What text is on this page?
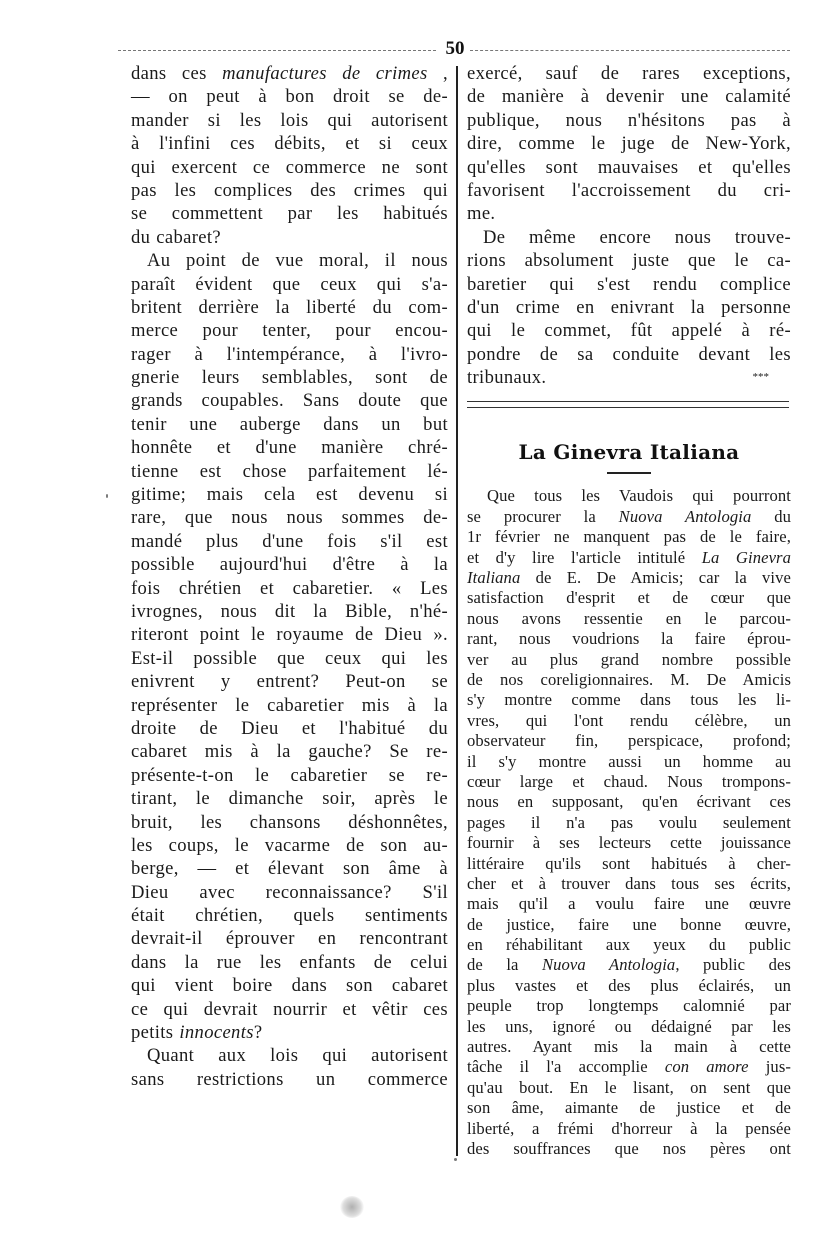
50
dans ces manufactures de crimes ,
— on peut à bon droit se de-
mander si les lois qui autorisent
à l'infini ces débits, et si ceux
qui exercent ce commerce ne sont
pas les complices des crimes qui
se commettent par les habitués
du cabaret?
Au point de vue moral, il nous
paraît évident que ceux qui s'a-
britent derrière la liberté du com-
merce pour tenter, pour encou-
rager à l'intempérance, à l'ivro-
gnerie leurs semblables, sont de
grands coupables. Sans doute que
tenir une auberge dans un but
honnête et d'une manière chré-
tienne est chose parfaitement lé-
gitime; mais cela est devenu si
rare, que nous nous sommes de-
mandé plus d'une fois s'il est
possible aujourd'hui d'être à la
fois chrétien et cabaretier. « Les
ivrognes, nous dit la Bible, n'hé-
riteront point le royaume de Dieu ».
Est-il possible que ceux qui les
enivrent y entrent? Peut-on se
représenter le cabaretier mis à la
droite de Dieu et l'habitué du
cabaret mis à la gauche? Se re-
présente-t-on le cabaretier se re-
tirant, le dimanche soir, après le
bruit, les chansons déshonnêtes,
les coups, le vacarme de son au-
berge, — et élevant son âme à
Dieu avec reconnaissance? S'il
était chrétien, quels sentiments
devrait-il éprouver en rencontrant
dans la rue les enfants de celui
qui vient boire dans son cabaret
ce qui devrait nourrir et vêtir ces
petits innocents?
Quant aux lois qui autorisent
sans restrictions un commerce
exercé, sauf de rares exceptions,
de manière à devenir une calamité
publique, nous n'hésitons pas à
dire, comme le juge de New-York,
qu'elles sont mauvaises et qu'elles
favorisent l'accroissement du cri-
me.
De même encore nous trouve-
rions absolument juste que le ca-
baretier qui s'est rendu complice
d'un crime en enivrant la personne
qui le commet, fût appelé à ré-
pondre de sa conduite devant les
tribunaux.	***
La Ginevra Italiana
Que tous les Vaudois qui pourront
se procurer la Nuova Antologia du
1r février ne manquent pas de le faire,
et d'y lire l'article intitulé La Ginevra
Italiana de E. De Amicis; car la vive
satisfaction d'esprit et de cœur que
nous avons ressentie en le parcou-
rant, nous voudrions la faire éprou-
ver au plus grand nombre possible
de nos coreligionnaires. M. De Amicis
s'y montre comme dans tous les li-
vres, qui l'ont rendu célèbre, un
observateur fin, perspicace, profond;
il s'y montre aussi un homme au
cœur large et chaud. Nous trompons-
nous en supposant, qu'en écrivant ces
pages il n'a pas voulu seulement
fournir à ses lecteurs cette jouissance
littéraire qu'ils sont habitués à cher-
cher et à trouver dans tous ses écrits,
mais qu'il a voulu faire une œuvre
de justice, faire une bonne œuvre,
en réhabilitant aux yeux du public
de la Nuova Antologia, public des
plus vastes et des plus éclairés, un
peuple trop longtemps calomnié par
les uns, ignoré ou dédaigné par les
autres. Ayant mis la main à cette
tâche il l'a accomplie con amore jus-
qu'au bout. En le lisant, on sent que
son âme, aimante de justice et de
liberté, a frémi d'horreur à la pensée
des souffrances que nos pères ont
